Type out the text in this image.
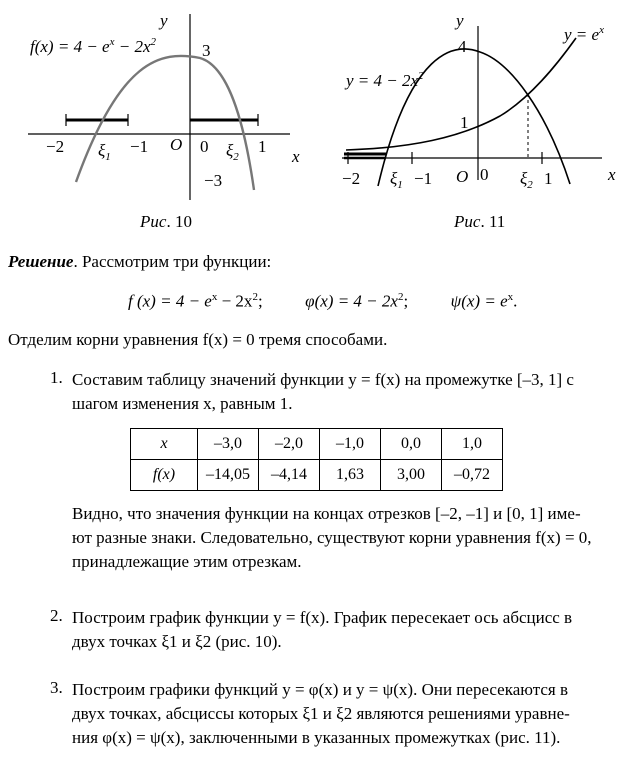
$f(x) = 4 - e^x - 2x^2$
y
x
3
−2	−1 O 0	1
−3
$\xi_1$	$\xi_2$
Рис. 10
$y = e^x$
$y = 4 - 2x^2$
y
x
4
1
−2	−1 O 0	1
$\xi_1$	$\xi_2$
Рис. 11
Решение. Рассмотрим три функции:
f $(x) = 4 - e^x - 2x^2$;	$\varphi(x) = 4 - 2x^2$;	$\psi(x) = e^x$.
Отделим корни уравнения f(x) = 0 тремя способами.
1. Составим таблицу значений функции y = f(x) на промежутке [–3, 1] с
шагом изменения x, равным 1.
x	–3,0	–2,0	–1,0	0,0	1,0
f(x)	–14,05	–4,14	1,63	3,00	–0,72
Видно, что значения функции на концах отрезков [–2, –1] и [0, 1] име-
ют разные знаки. Следовательно, существуют корни уравнения f(x) = 0,
принадлежащие этим отрезкам.
2. Построим график функции y = f(x). График пересекает ось абсцисс в
двух точках ξ1 и ξ2 (рис. 10).
3. Построим графики функций y = φ(x) и y = ψ(x). Они пересекаются в
двух точках, абсциссы которых ξ1 и ξ2 являются решениями уравне-
ния φ(x) = ψ(x), заключенными в указанных промежутках (рис. 11).
